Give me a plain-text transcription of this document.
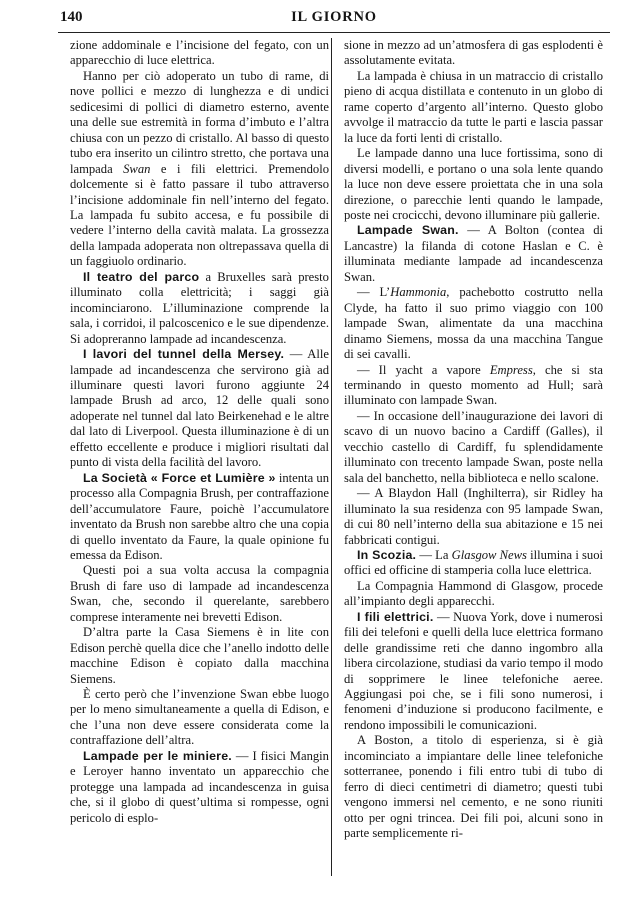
140	IL GIORNO

zione addominale e l’incisione del fegato, con un apparecchio di luce elettrica.

Hanno per ciò adoperato un tubo di rame, di nove pollici e mezzo di lunghezza e di undici sedicesimi di pollici di diametro esterno, avente una delle sue estremità in forma d’imbuto e l’altra chiusa con un pezzo di cristallo. Al basso di questo tubo era inserito un cilintro stretto, che portava una lampada Swan e i fili elettrici. Premendolo dolcemente si è fatto passare il tubo attraverso l’incisione addominale fin nell’interno del fegato. La lampada fu subito accesa, e fu possibile di vedere l’interno della cavità malata. La grossezza della lampada adoperata non oltrepassava quella di un faggiuolo ordinario.

Il teatro del parco a Bruxelles sarà presto illuminato colla elettricità; i saggi già incominciarono. L’illuminazione comprende la sala, i corridoi, il palcoscenico e le sue dipendenze. Si adopreranno lampade ad incandescenza.

I lavori del tunnel della Mersey. — Alle lampade ad incandescenza che servirono già ad illuminare questi lavori furono aggiunte 24 lampade Brush ad arco, 12 delle quali sono adoperate nel tunnel dal lato Beirkenehad e le altre dal lato di Liverpool. Questa illuminazione è di un effetto eccellente e produce i migliori risultati dal punto di vista della facilità del lavoro.

La Società « Force et Lumière » intenta un processo alla Compagnia Brush, per contraffazione dell’accumulatore Faure, poichè l’accumulatore inventato da Brush non sarebbe altro che una copia di quello inventato da Faure, la quale opinione fu emessa da Edison.

Questi poi a sua volta accusa la compagnia Brush di fare uso di lampade ad incandescenza Swan, che, secondo il querelante, sarebbero comprese interamente nei brevetti Edison.

D’altra parte la Casa Siemens è in lite con Edison perchè quella dice che l’anello indotto delle macchine Edison è copiato dalla macchina Siemens.

È certo però che l’invenzione Swan ebbe luogo per lo meno simultaneamente a quella di Edison, e che l’una non deve essere considerata come la contraffazione dell’altra.

Lampade per le miniere. — I fisici Mangin e Leroyer hanno inventato un apparecchio che protegge una lampada ad incandescenza in guisa che, si il globo di quest’ultima si rompesse, ogni pericolo di esplo-

sione in mezzo ad un’atmosfera di gas esplodenti è assolutamente evitata.

La lampada è chiusa in un matraccio di cristallo pieno di acqua distillata e contenuto in un globo di rame coperto d’argento all’interno. Questo globo avvolge il matraccio da tutte le parti e lascia passar la luce da forti lenti di cristallo.

Le lampade danno una luce fortissima, sono di diversi modelli, e portano o una sola lente quando la luce non deve essere proiettata che in una sola direzione, o parecchie lenti quando le lampade, poste nei crocicchi, devono illuminare più gallerie.

Lampade Swan. — A Bolton (contea di Lancastre) la filanda di cotone Haslan e C. è illuminata mediante lampade ad incandescenza Swan.

— L’Hammonia, pachebotto costrutto nella Clyde, ha fatto il suo primo viaggio con 100 lampade Swan, alimentate da una macchina dinamo Siemens, mossa da una macchina Tangue di sei cavalli.

— Il yacht a vapore Empress, che si sta terminando in questo momento ad Hull; sarà illuminato con lampade Swan.

— In occasione dell’inaugurazione dei lavori di scavo di un nuovo bacino a Cardiff (Galles), il vecchio castello di Cardiff, fu splendidamente illuminato con trecento lampade Swan, poste nella sala del banchetto, nella biblioteca e nello scalone.

— A Blaydon Hall (Inghilterra), sir Ridley ha illuminato la sua residenza con 95 lampade Swan, di cui 80 nell’interno della sua abitazione e 15 nei fabbricati contigui.

In Scozia. — La Glasgow News illumina i suoi offici ed officine di stamperia colla luce elettrica.

La Compagnia Hammond di Glasgow, procede all’impianto degli apparecchi.

I fili elettrici. — Nuova York, dove i numerosi fili dei telefoni e quelli della luce elettrica formano delle grandissime reti che danno ingombro alla libera circolazione, studiasi da vario tempo il modo di sopprimere le linee telefoniche aeree. Aggiungasi poi che, se i fili sono numerosi, i fenomeni d’induzione si producono facilmente, e rendono impossibili le comunicazioni.

A Boston, a titolo di esperienza, si è già incominciato a impiantare delle linee telefoniche sotterranee, ponendo i fili entro tubi di tubo di ferro di dieci centimetri di diametro; questi tubi vengono immersi nel cemento, e ne sono riuniti otto per ogni trincea. Dei fili poi, alcuni sono in parte semplicemente ri-
